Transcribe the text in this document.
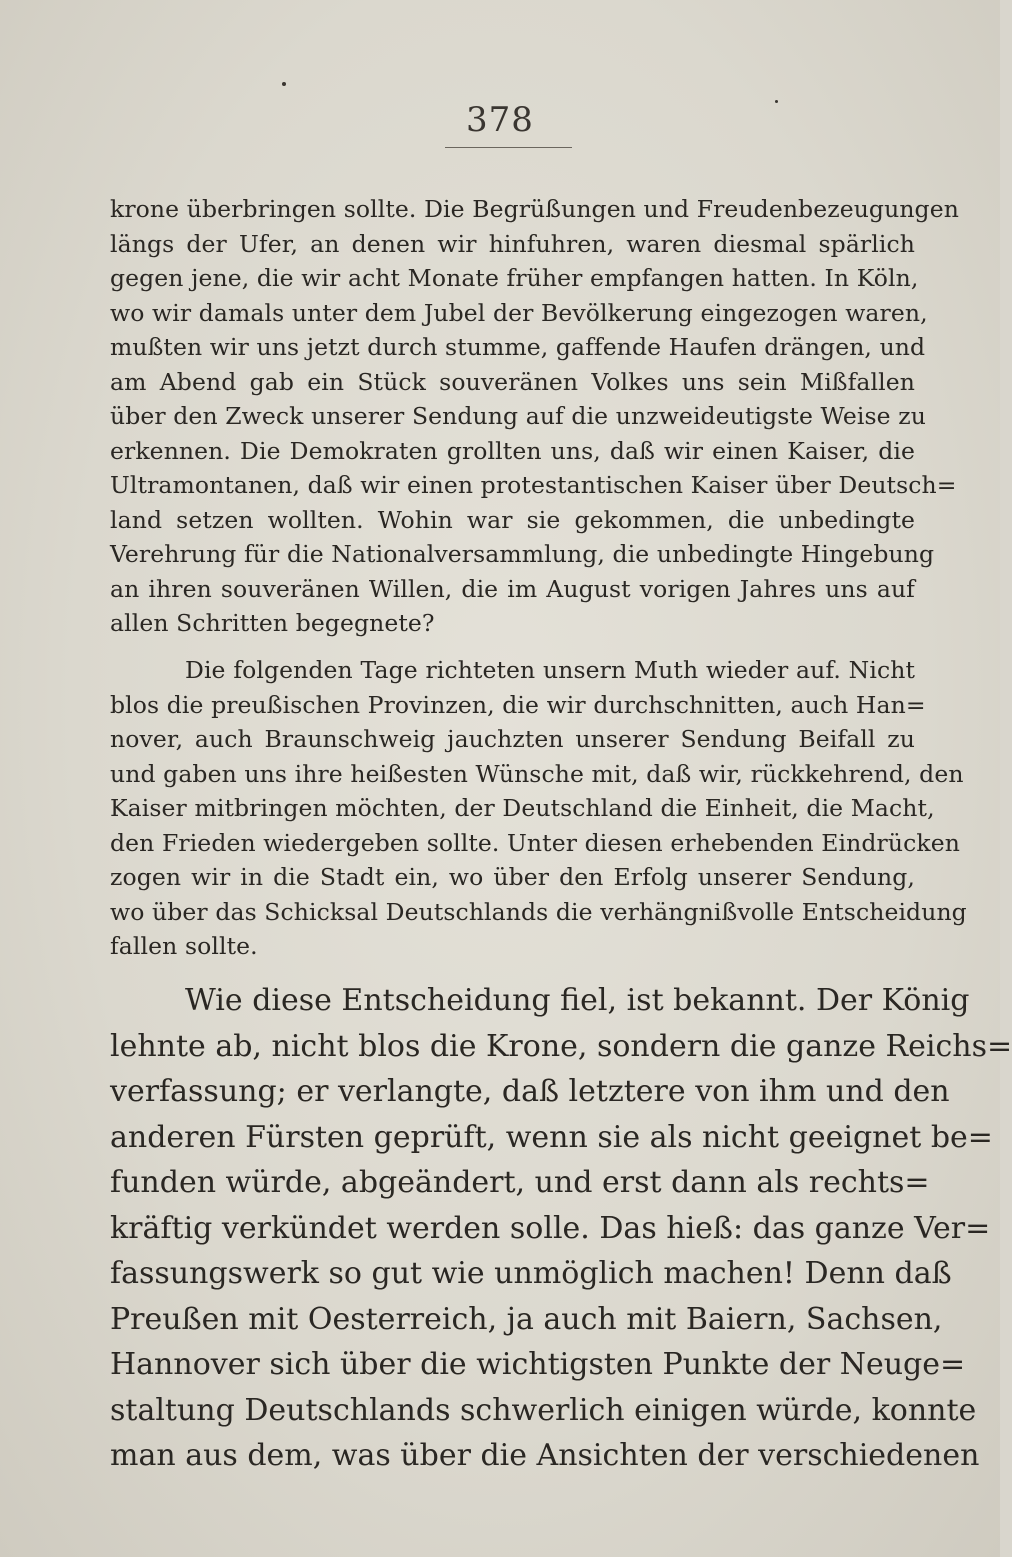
378
krone überbringen sollte. Die Begrüßungen und Freudenbezeugungen
längs der Ufer, an denen wir hinfuhren, waren diesmal spärlich
gegen jene, die wir acht Monate früher empfangen hatten. In Köln,
wo wir damals unter dem Jubel der Bevölkerung eingezogen waren,
mußten wir uns jetzt durch stumme, gaffende Haufen drängen, und
am Abend gab ein Stück souveränen Volkes uns sein Mißfallen
über den Zweck unserer Sendung auf die unzweideutigste Weise zu
erkennen. Die Demokraten grollten uns, daß wir einen Kaiser, die
Ultramontanen, daß wir einen protestantischen Kaiser über Deutsch=
land setzen wollten. Wohin war sie gekommen, die unbedingte
Verehrung für die Nationalversammlung, die unbedingte Hingebung
an ihren souveränen Willen, die im August vorigen Jahres uns auf
allen Schritten begegnete?
Die folgenden Tage richteten unsern Muth wieder auf. Nicht
blos die preußischen Provinzen, die wir durchschnitten, auch Han=
nover, auch Braunschweig jauchzten unserer Sendung Beifall zu
und gaben uns ihre heißesten Wünsche mit, daß wir, rückkehrend, den
Kaiser mitbringen möchten, der Deutschland die Einheit, die Macht,
den Frieden wiedergeben sollte. Unter diesen erhebenden Eindrücken
zogen wir in die Stadt ein, wo über den Erfolg unserer Sendung,
wo über das Schicksal Deutschlands die verhängnißvolle Entscheidung
fallen sollte.
Wie diese Entscheidung fiel, ist bekannt. Der König
lehnte ab, nicht blos die Krone, sondern die ganze Reichs=
verfassung; er verlangte, daß letztere von ihm und den
anderen Fürsten geprüft, wenn sie als nicht geeignet be=
funden würde, abgeändert, und erst dann als rechts=
kräftig verkündet werden solle. Das hieß: das ganze Ver=
fassungswerk so gut wie unmöglich machen! Denn daß
Preußen mit Oesterreich, ja auch mit Baiern, Sachsen,
Hannover sich über die wichtigsten Punkte der Neuge=
staltung Deutschlands schwerlich einigen würde, konnte
man aus dem, was über die Ansichten der verschiedenen
